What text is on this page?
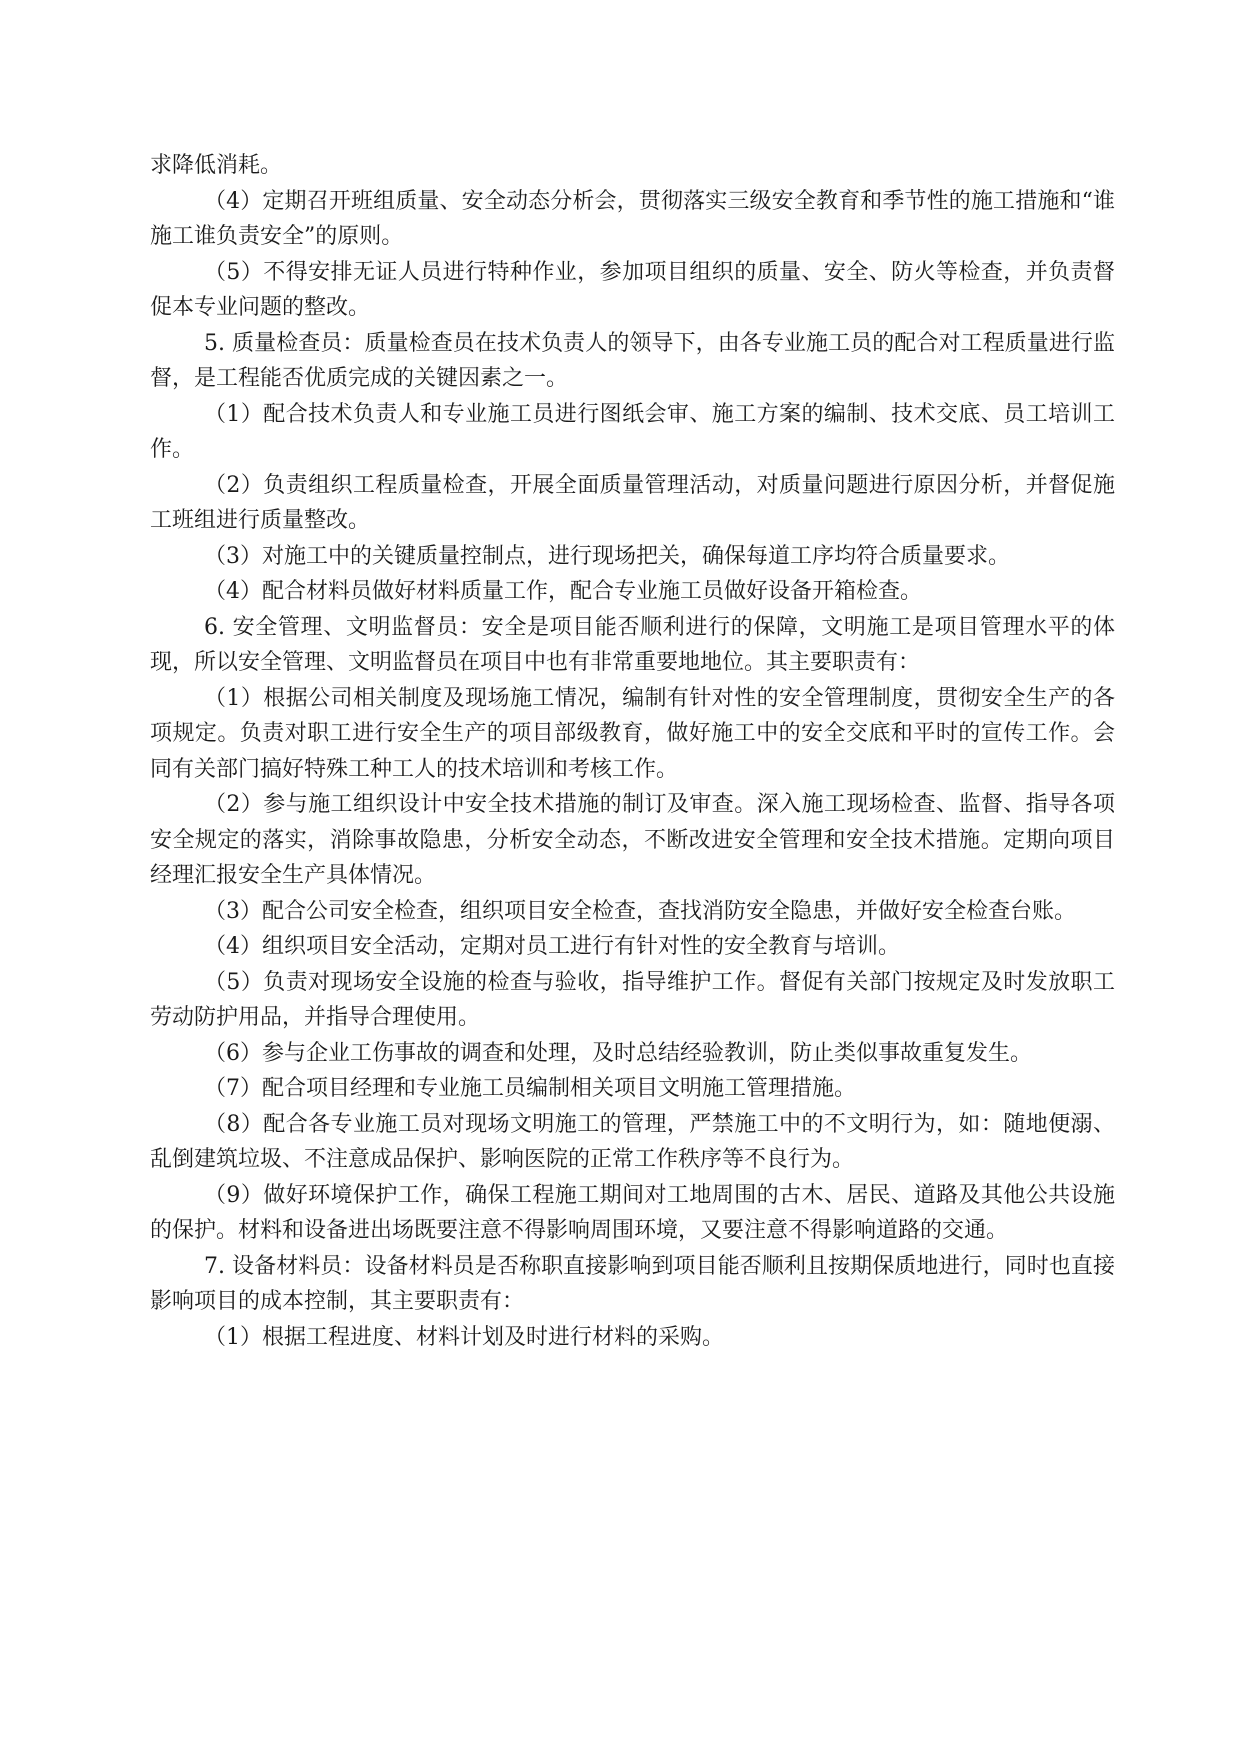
求降低消耗。

（4）定期召开班组质量、安全动态分析会，贯彻落实三级安全教育和季节性的施工措施和“谁施工谁负责安全”的原则。

（5）不得安排无证人员进行特种作业，参加项目组织的质量、安全、防火等检查，并负责督促本专业问题的整改。

5. 质量检查员：质量检查员在技术负责人的领导下，由各专业施工员的配合对工程质量进行监督，是工程能否优质完成的关键因素之一。

（1）配合技术负责人和专业施工员进行图纸会审、施工方案的编制、技术交底、员工培训工作。

（2）负责组织工程质量检查，开展全面质量管理活动，对质量问题进行原因分析，并督促施工班组进行质量整改。

（3）对施工中的关键质量控制点，进行现场把关，确保每道工序均符合质量要求。

（4）配合材料员做好材料质量工作，配合专业施工员做好设备开箱检查。

6. 安全管理、文明监督员：安全是项目能否顺利进行的保障，文明施工是项目管理水平的体现，所以安全管理、文明监督员在项目中也有非常重要地地位。其主要职责有：

（1）根据公司相关制度及现场施工情况，编制有针对性的安全管理制度，贯彻安全生产的各项规定。负责对职工进行安全生产的项目部级教育，做好施工中的安全交底和平时的宣传工作。会同有关部门搞好特殊工种工人的技术培训和考核工作。

（2）参与施工组织设计中安全技术措施的制订及审查。深入施工现场检查、监督、指导各项安全规定的落实，消除事故隐患，分析安全动态，不断改进安全管理和安全技术措施。定期向项目经理汇报安全生产具体情况。

（3）配合公司安全检查，组织项目安全检查，查找消防安全隐患，并做好安全检查台账。

（4）组织项目安全活动，定期对员工进行有针对性的安全教育与培训。

（5）负责对现场安全设施的检查与验收，指导维护工作。督促有关部门按规定及时发放职工劳动防护用品，并指导合理使用。

（6）参与企业工伤事故的调查和处理，及时总结经验教训，防止类似事故重复发生。

（7）配合项目经理和专业施工员编制相关项目文明施工管理措施。

（8）配合各专业施工员对现场文明施工的管理，严禁施工中的不文明行为，如：随地便溺、乱倒建筑垃圾、不注意成品保护、影响医院的正常工作秩序等不良行为。

（9）做好环境保护工作，确保工程施工期间对工地周围的古木、居民、道路及其他公共设施的保护。材料和设备进出场既要注意不得影响周围环境，又要注意不得影响道路的交通。

7. 设备材料员：设备材料员是否称职直接影响到项目能否顺利且按期保质地进行，同时也直接影响项目的成本控制，其主要职责有：

（1）根据工程进度、材料计划及时进行材料的采购。
